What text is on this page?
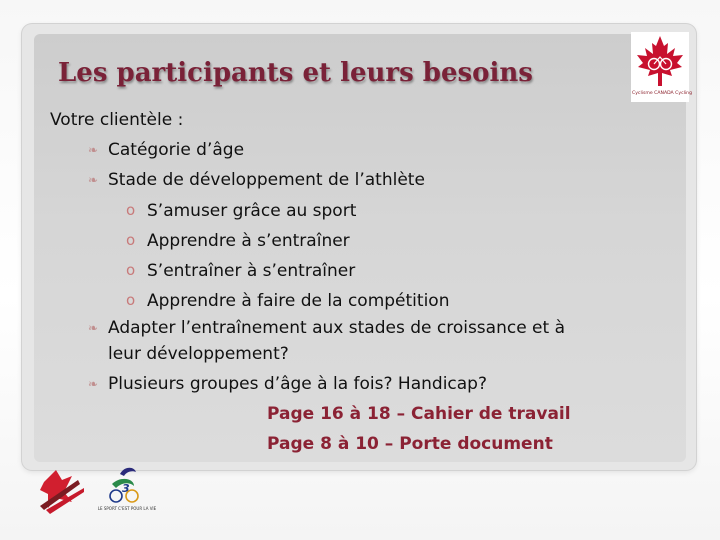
Les participants et leurs besoins
Cyclisme CANADA Cycling
Votre clientèle :
❧ Catégorie d’âge
❧ Stade de développement de l’athlète
o S’amuser grâce au sport
o Apprendre à s’entraîner
o S’entraîner à s’entraîner
o Apprendre à faire de la compétition
❧ Adapter l’entraînement aux stades de croissance et à
leur développement?
❧ Plusieurs groupes d’âge à la fois? Handicap?
Page 16 à 18 – Cahier de travail
Page 8 à 10 – Porte document
3
LE SPORT C'EST POUR LA VIE
